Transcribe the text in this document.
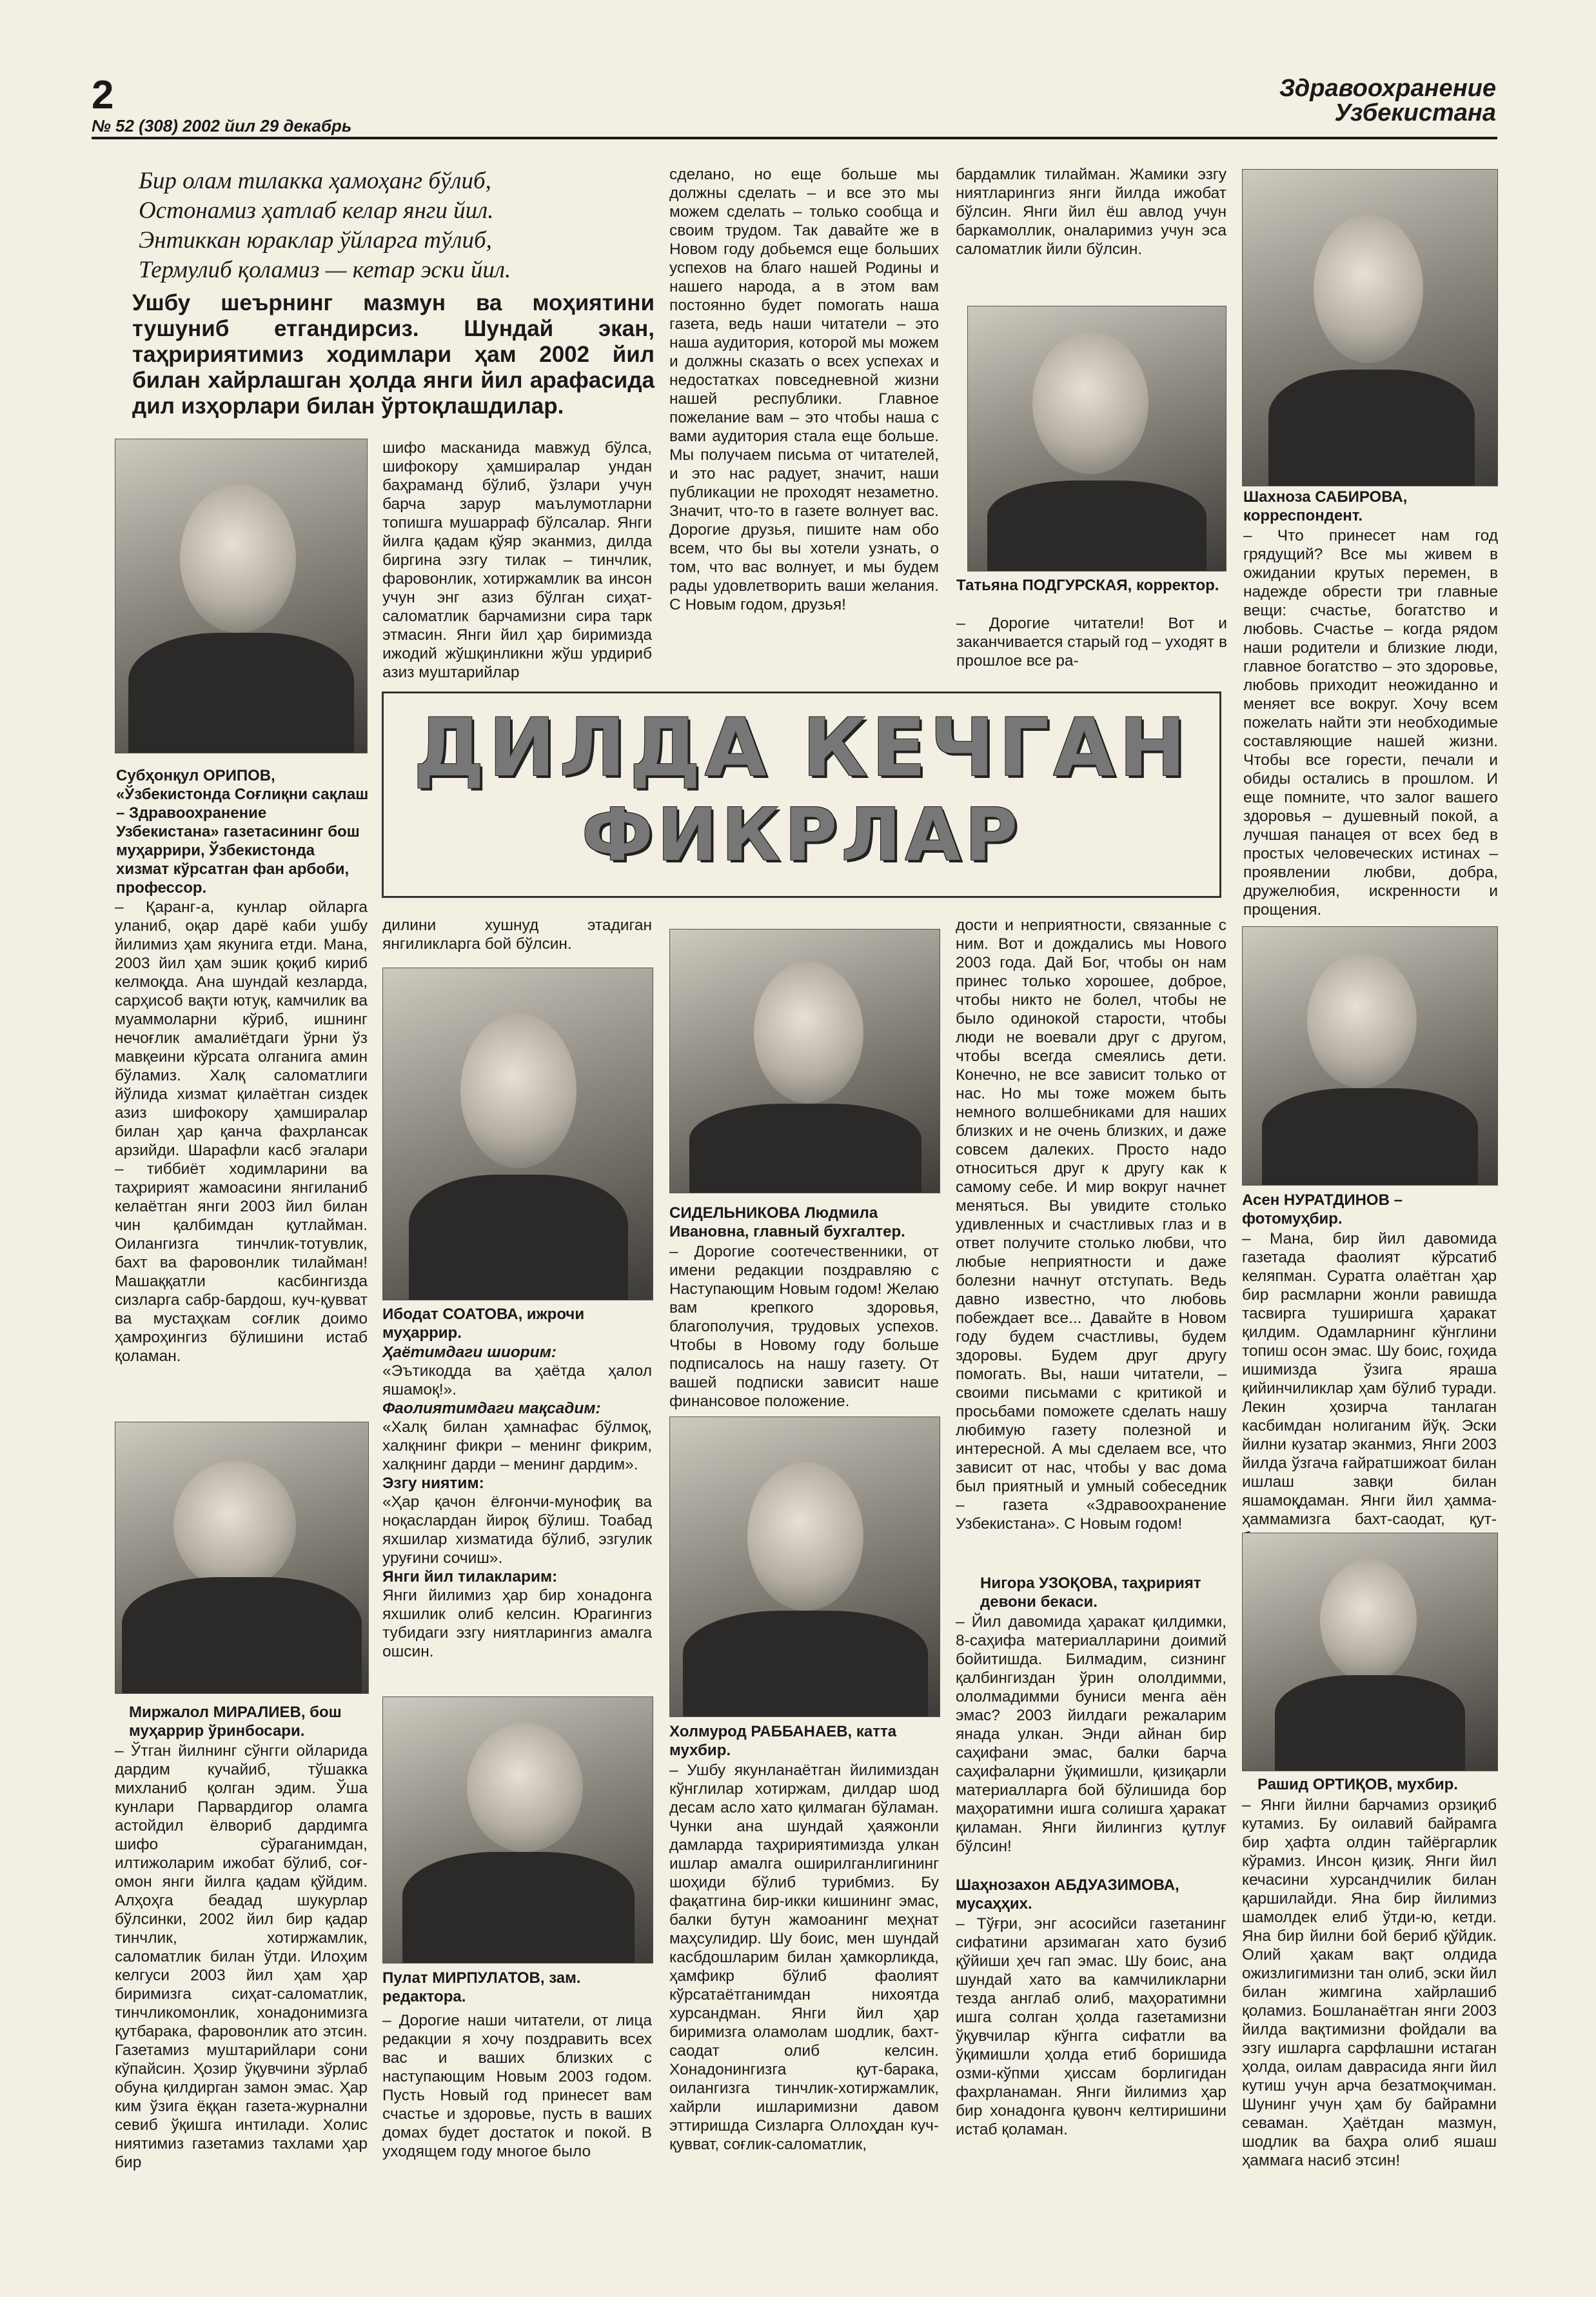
2
№ 52 (308) 2002 йил 29 декабрь
Здравоохранение
Узбекистана
Бир олам тилакка ҳамоҳанг бўлиб,
Остонамиз ҳатлаб келар янги йил.
Энтиккан юраклар ўйларга тўлиб,
Термулиб қоламиз — кетар эски йил.
Ушбу шеърнинг мазмун ва моҳиятини тушуниб етгандирсиз. Шундай экан, таҳририятимиз ходимлари ҳам 2002 йил билан хайрлашган ҳолда янги йил арафасида дил изҳорлари билан ўртоқлашдилар.
Субҳонқул ОРИПОВ, «Ўзбекистонда Соғлиқни сақлаш – Здравоохранение Узбекистана» газетасининг бош муҳаррири, Ўзбекистонда хизмат кўрсатган фан арбоби, профессор.
– Қаранг-а, кунлар ойларга уланиб, оқар дарё каби ушбу йилимиз ҳам якунига етди. Мана, 2003 йил ҳам эшик қоқиб кириб келмоқда. Ана шундай кезларда, сарҳисоб вақти ютуқ, камчилик ва муаммоларни кўриб, ишнинг нечоғлик амалиётдаги ўрни ўз мавқеини кўрсата олганига амин бўламиз. Халқ саломатлиги йўлида хизмат қилаётган сиздек азиз шифокору ҳамширалар билан ҳар қанча фахрлансак арзийди. Шарафли касб эгалари – тиббиёт ходимларини ва таҳририят жамоасини янгиланиб келаётган янги 2003 йил билан чин қалбимдан қутлайман. Оилангизга тинчлик-тотувлик, бахт ва фаровонлик тилайман! Машаққатли касбингизда сизларга сабр-бардош, куч-қувват ва мустаҳкам соғлик доимо ҳамроҳингиз бўлишини истаб қоламан.
шифо масканида мавжуд бўлса, шифокору ҳамширалар ундан баҳраманд бўлиб, ўзлари учун барча зарур маълумотларни топишга мушарраф бўлсалар. Янги йилга қадам қўяр эканмиз, дилда биргина эзгу тилак – тинчлик, фаровонлик, хотиржамлик ва инсон учун энг азиз бўлган сиҳат-саломатлик барчамизни сира тарк этмасин. Янги йил ҳар биримизда ижодий жўшқинликни жўш урдириб азиз муштарийлар
сделано, но еще больше мы должны сделать – и все это мы можем сделать – только сообща и своим трудом. Так давайте же в Новом году добьемся еще больших успехов на благо нашей Родины и нашего народа, а в этом вам постоянно будет помогать наша газета, ведь наши читатели – это наша аудитория, которой мы можем и должны сказать о всех успехах и недостатках повседневной жизни нашей республики. Главное пожелание вам – это чтобы наша с вами аудитория стала еще больше. Мы получаем письма от читателей, и это нас радует, значит, наши публикации не проходят незаметно. Значит, что-то в газете волнует вас. Дорогие друзья, пишите нам обо всем, что бы вы хотели узнать, о том, что вас волнует, и мы будем рады удовлетворить ваши желания. С Новым годом, друзья!
бардамлик тилайман. Жамики эзгу ниятларингиз янги йилда ижобат бўлсин. Янги йил ёш авлод учун баркамоллик, оналаримиз учун эса саломатлик йили бўлсин.
Татьяна ПОДГУРСКАЯ, корректор.
– Дорогие читатели! Вот и заканчивается старый год – уходят в прошлое все ра-
Шахноза САБИРОВА, корреспондент.
– Что принесет нам год грядущий? Все мы живем в ожидании крутых перемен, в надежде обрести три главные вещи: счастье, богатство и любовь. Счастье – когда рядом наши родители и близкие люди, главное богатство – это здоровье, любовь приходит неожиданно и меняет все вокруг. Хочу всем пожелать найти эти необходимые составляющие нашей жизни. Чтобы все горести, печали и обиды остались в прошлом. И еще помните, что залог вашего здоровья – душевный покой, а лучшая панацея от всех бед в простых человеческих истинах – проявлении любви, добра, дружелюбия, искренности и прощения.
ДИЛДА КЕЧГАН
ФИКРЛАР
дилини хушнуд этадиган янгиликларга бой бўлсин.
Ибодат СОАТОВА, ижрочи муҳаррир.
Ҳаётимдаги шиорим:
«Эътикодда ва ҳаётда ҳалол яшамоқ!».
Фаолиятимдаги мақсадим:
«Халқ билан ҳамнафас бўлмоқ, халқнинг фикри – менинг фикрим, халқнинг дарди – менинг дардим».
Эзгу ниятим:
«Ҳар қачон ёлғончи-мунофиқ ва ноқаслардан йироқ бўлиш. Тоабад яхшилар хизматида бўлиб, эзгулик уруғини сочиш».
Янги йил тилакларим:
Янги йилимиз ҳар бир хонадонга яхшилик олиб келсин. Юрагингиз тубидаги эзгу ниятларингиз амалга ошсин.
Миржалол МИРАЛИЕВ, бош муҳаррир ўринбосари.
– Ўтган йилнинг сўнгги ойларида дардим кучайиб, тўшакка михланиб қолган эдим. Ўша кунлари Парвардигор оламга астойдил ёлвориб дардимга шифо сўраганимдан, илтижоларим ижобат бўлиб, соғ-омон янги йилга қадам қўйдим. Алҳоҳга беадад шукурлар бўлсинки, 2002 йил бир қадар тинчлик, хотиржамлик, саломатлик билан ўтди. Илоҳим келгуси 2003 йил ҳам ҳар биримизга сиҳат-саломатлик, тинчликомонлик, хонадонимизга қутбарака, фаровонлик ато этсин. Газетамиз муштарийлари сони кўпайсин. Ҳозир ўқувчини зўрлаб обуна қилдирган замон эмас. Ҳар ким ўзига ёққан газета-журнални севиб ўқишга интилади. Холис ниятимиз газетамиз тахлами ҳар бир
Пулат МИРПУЛАТОВ, зам. редактора.
– Дорогие наши читатели, от лица редакции я хочу поздравить всех вас и ваших близких с наступающим Новым 2003 годом. Пусть Новый год принесет вам счастье и здоровье, пусть в ваших домах будет достаток и покой. В уходящем году многое было
СИДЕЛЬНИКОВА Людмила Ивановна, главный бухгалтер.
– Дорогие соотечественники, от имени редакции поздравляю с Наступающим Новым годом! Желаю вам крепкого здоровья, благополучия, трудовых успехов. Чтобы в Новому году больше подписалось на нашу газету. От вашей подписки зависит наше финансовое положение.
Холмурод РАББАНАЕВ, катта мухбир.
– Ушбу якунланаётган йилимиздан кўнглилар хотиржам, дилдар шод десам асло хато қилмаган бўламан. Чунки ана шундай ҳаяжонли дамларда таҳририятимизда улкан ишлар амалга оширилганлигининг шоҳиди бўлиб турибмиз. Бу фақатгина бир-икки кишининг эмас, балки бутун жамоанинг меҳнат маҳсулидир. Шу боис, мен шундай касбдошларим билан ҳамкорликда, ҳамфикр бўлиб фаолият кўрсатаётганимдан нихоятда хурсандман. Янги йил ҳар биримизга оламолам шодлик, бахт-саодат олиб келсин. Хонадонингизга қут-барака, оилангизга тинчлик-хотиржамлик, хайрли ишларимизни давом эттиришда Сизларга Оллоҳдан куч-қувват, соғлик-саломатлик,
дости и неприятности, связанные с ним. Вот и дождались мы Нового 2003 года. Дай Бог, чтобы он нам принес только хорошее, доброе, чтобы никто не болел, чтобы не было одинокой старости, чтобы люди не воевали друг с другом, чтобы всегда смеялись дети. Конечно, не все зависит только от нас. Но мы тоже можем быть немного волшебниками для наших близких и не очень близких, и даже совсем далеких. Просто надо относиться друг к другу как к самому себе. И мир вокруг начнет меняться. Вы увидите столько удивленных и счастливых глаз и в ответ получите столько любви, что любые неприятности и даже болезни начнут отступать. Ведь давно известно, что любовь побеждает все... Давайте в Новом году будем счастливы, будем здоровы. Будем друг другу помогать. Вы, наши читатели, – своими письмами с критикой и просьбами поможете сделать нашу любимую газету полезной и интересной. А мы сделаем все, что зависит от нас, чтобы у вас дома был приятный и умный собеседник – газета «Здравоохранение Узбекистана». С Новым годом!
Нигора УЗОҚОВА, таҳририят девони бекаси.
– Йил давомида ҳаракат қилдимки, 8-саҳифа материалларини доимий бойитишда. Билмадим, сизнинг қалбингиздан ўрин ололдимми, ололмадимми буниси менга аён эмас? 2003 йилдаги режаларим янада улкан. Энди айнан бир саҳифани эмас, балки барча саҳифаларни ўқимишли, қизиқарли материалларга бой бўлишида бор маҳоратимни ишга солишга ҳаракат қиламан. Янги йилингиз қутлуғ бўлсин!
Шаҳнозахон АБДУАЗИМОВА, мусаҳҳих.
– Тўғри, энг асосийси газетанинг сифатини арзимаган хато бузиб қўйиши ҳеч гап эмас. Шу боис, ана шундай хато ва камчиликларни тезда англаб олиб, маҳоратимни ишга солган ҳолда газетамизни ўқувчилар кўнгга сифатли ва ўқимишли ҳолда етиб боришида озми-кўпми ҳиссам борлигидан фахрланаман. Янги йилимиз ҳар бир хонадонга қувонч келтиришини истаб қоламан.
Асен НУРАТДИНОВ – фотомуҳбир.
– Мана, бир йил давомида газетада фаолият кўрсатиб келяпман. Суратга олаётган ҳар бир расмларни жонли равишда тасвирга туширишга ҳаракат қилдим. Одамларнинг кўнглини топиш осон эмас. Шу боис, гоҳида ишимизда ўзига яраша қийинчиликлар ҳам бўлиб туради. Лекин ҳозирча танлаган касбимдан нолиганим йўқ. Эски йилни кузатар эканмиз, Янги 2003 йилда ўзгача ғайратшижоат билан ишлаш завқи билан яшамоқдаман. Янги йил ҳамма-ҳаммамизга бахт-саодат, қут-
Рашид ОРТИҚОВ, мухбир.
– Янги йилни барчамиз орзиқиб кутамиз. Бу оилавий байрамга бир ҳафта олдин тайёргарлик кўрамиз. Инсон қизиқ. Янги йил кечасини хурсандчилик билан қаршилайди. Яна бир йилимиз шамолдек елиб ўтди-ю, кетди. Яна бир йилни бой бериб қўйдик. Олий ҳакам вақт олдида ожизлигимизни тан олиб, эски йил билан жимгина хайрлашиб қоламиз. Бошланаётган янги 2003 йилда вақтимизни фойдали ва эзгу ишларга сарфлашни истаган ҳолда, оилам даврасида янги йил кутиш учун арча безатмоқчиман. Шунинг учун ҳам бу байрамни севаман. Ҳаётдан мазмун, шодлик ва баҳра олиб яшаш ҳаммага насиб этсин!
